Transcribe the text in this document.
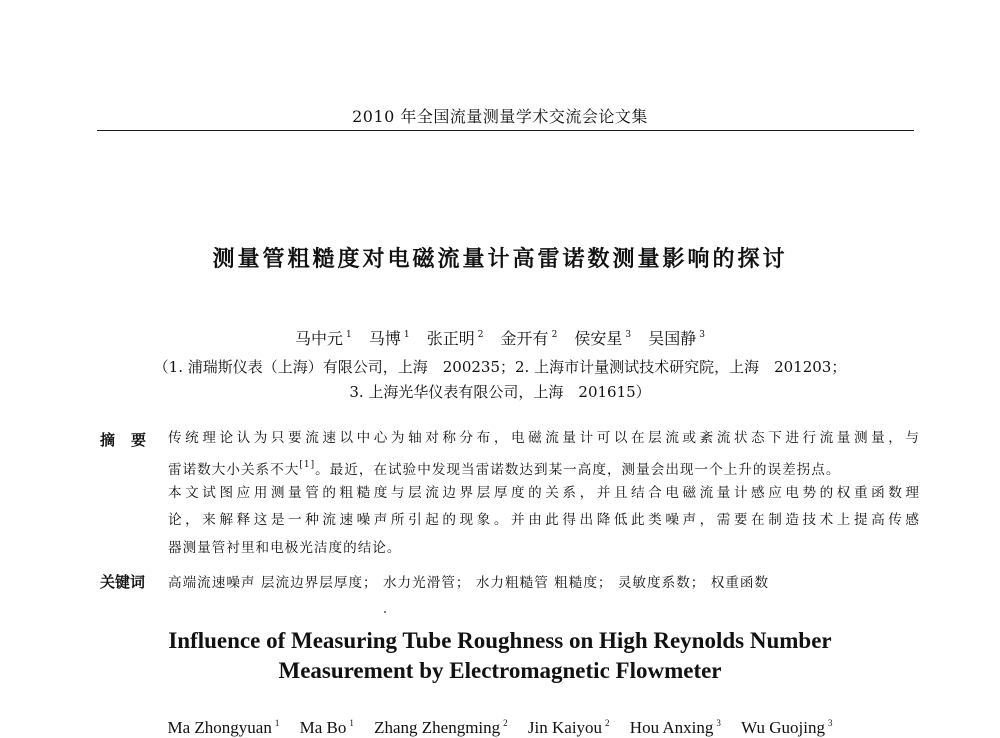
2010 年全国流量测量学术交流会论文集
测量管粗糙度对电磁流量计高雷诺数测量影响的探讨
马中元 $^1$ 马博 $^1$ 张正明 $^2$ 金开有 $^2$ 侯安星 $^3$ 吴国静 $^3$
（1. 浦瑞斯仪表（上海）有限公司，上海　200235；2. 上海市计量测试技术研究院，上海　201203；
3. 上海光华仪表有限公司，上海　201615）
摘要 传统理论认为只要流速以中心为轴对称分布，电磁流量计可以在层流或紊流状态下进行流量测量，与
雷诺数大小关系不大[1]。最近，在试验中发现当雷诺数达到某一高度，测量会出现一个上升的误差拐点。
本文试图应用测量管的粗糙度与层流边界层厚度的关系，并且结合电磁流量计感应电势的权重函数理
论，来解释这是一种流速噪声所引起的现象。并由此得出降低此类噪声，需要在制造技术上提高传感
器测量管衬里和电极光洁度的结论。
关键词 高端流速噪声 层流边界层厚度； 水力光滑管； 水力粗糙管 粗糙度； 灵敏度系数； 权重函数
Influence of Measuring Tube Roughness on High Reynolds Number
Measurement by Electromagnetic Flowmeter
Ma Zhongyuan $^1$ Ma Bo $^1$ Zhang Zhengming $^2$ Jin Kaiyou $^2$ Hou Anxing $^3$ Wu Guojing $^3$
